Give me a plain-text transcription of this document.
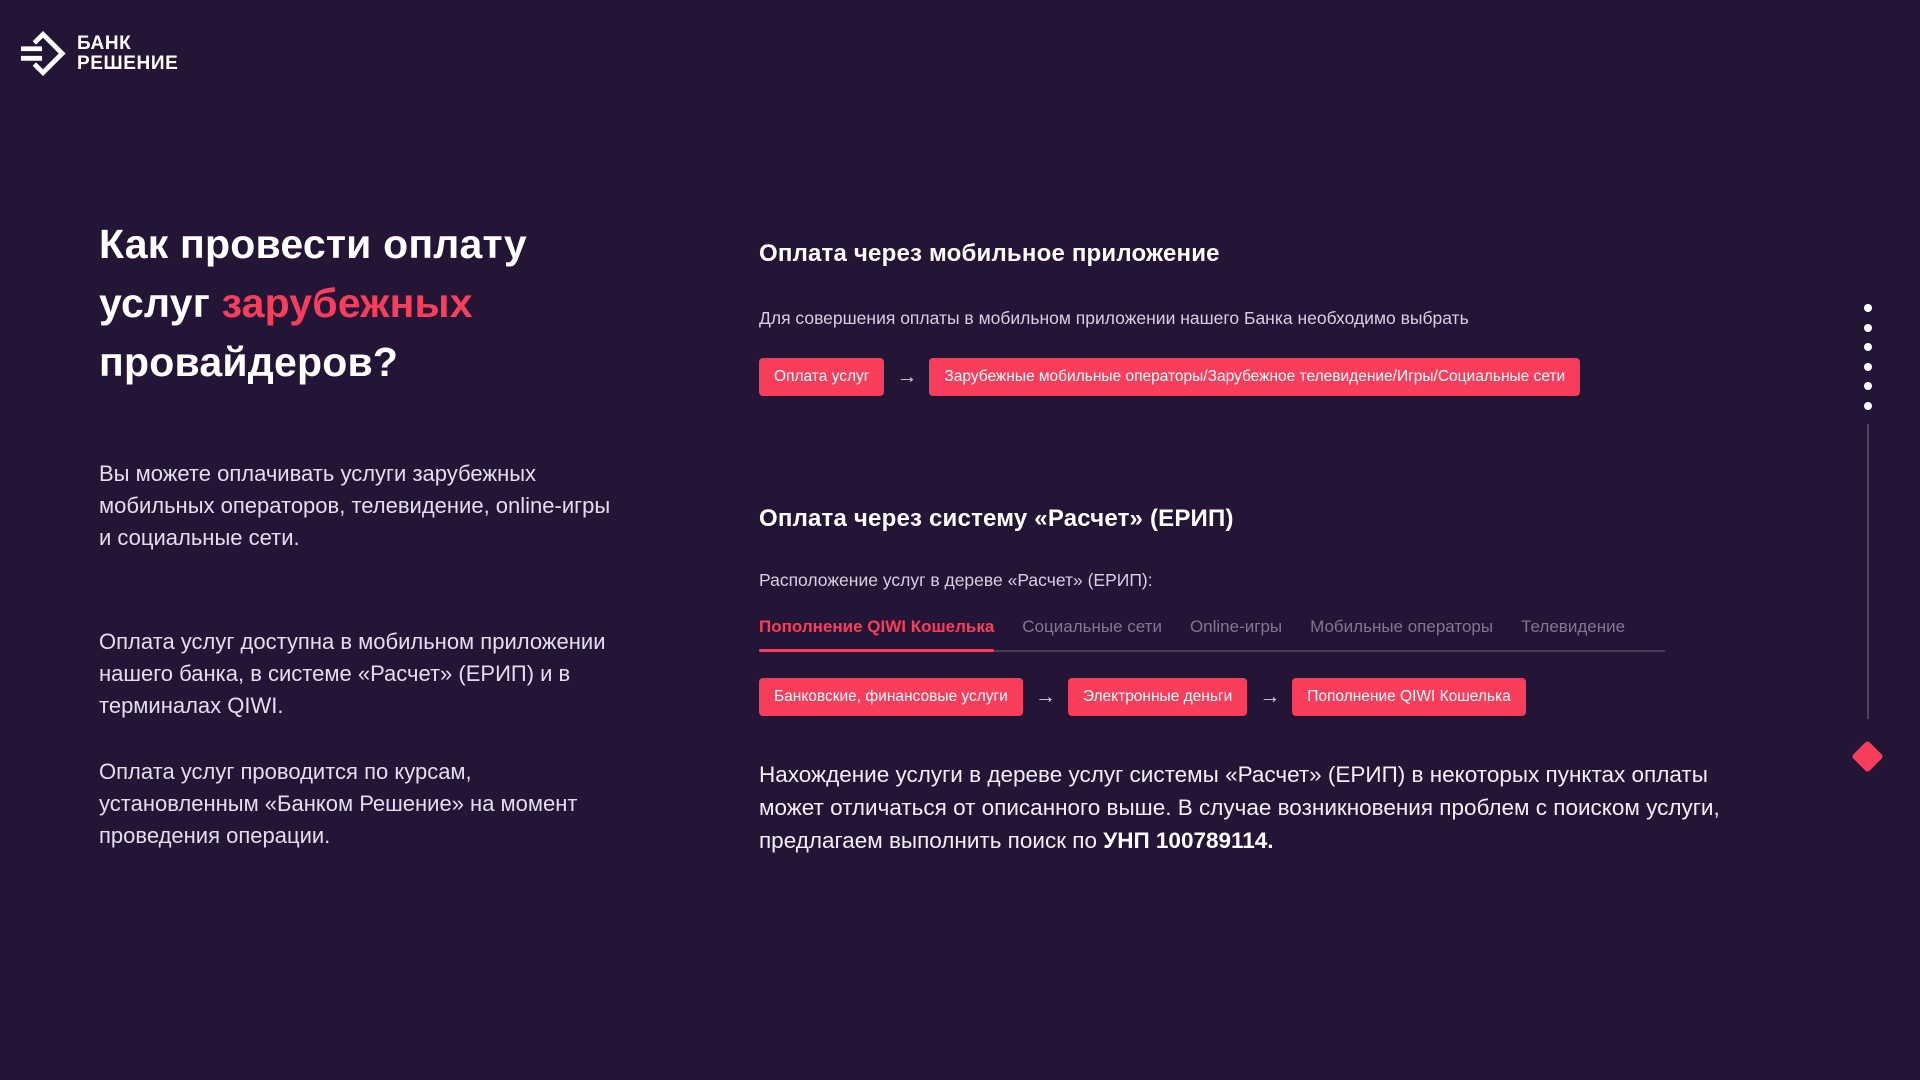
БАНК
РЕШЕНИЕ
Как провести оплату
услуг зарубежных
провайдеров?

Вы можете оплачивать услуги зарубежных мобильных операторов, телевидение, online-игры и социальные сети.

Оплата услуг доступна в мобильном приложении нашего банка, в системе «Расчет» (ЕРИП) и в терминалах QIWI.

Оплата услуг проводится по курсам, установленным «Банком Решение» на момент проведения операции.

Оплата через мобильное приложение

Для совершения оплаты в мобильном приложении нашего Банка необходимо выбрать

Оплата услуг	→	Зарубежные мобильные операторы/Зарубежное телевидение/Игры/Социальные сети
Оплата через систему «Расчет» (ЕРИП)

Расположение услуг в дереве «Расчет» (ЕРИП):

Пополнение QIWI Кошелька Социальные сети Online-игры Мобильные операторы Телевидение
Банковские, финансовые услуги	→	Электронные деньги	→	Пополнение QIWI Кошелька

Нахождение услуги в дереве услуг системы «Расчет» (ЕРИП) в некоторых пунктах оплаты может отличаться от описанного выше. В случае возникновения проблем с поиском услуги, предлагаем выполнить поиск по УНП 100789114.
